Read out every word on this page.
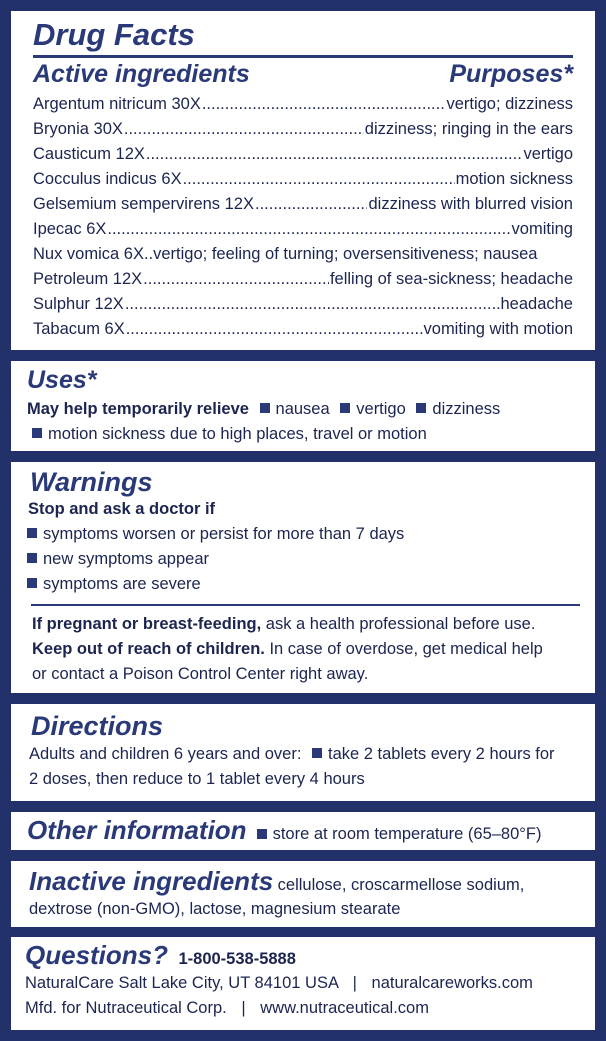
Drug Facts
Active ingredients	Purposes*
Argentum nitricum 30X .....	vertigo; dizziness
Bryonia 30X .....	dizziness; ringing in the ears
Causticum 12X .....	vertigo
Cocculus indicus 6X .....	motion sickness
Gelsemium sempervirens 12X .....	dizziness with blurred vision
Ipecac 6X .....	vomiting
Nux vomica 6X.. vertigo; feeling of turning; oversensitiveness; nausea
Petroleum 12X .....	felling of sea-sickness; headache
Sulphur 12X .....	headache
Tabacum 6X .....	vomiting with motion
Uses*
May help temporarily relieve nausea vertigo dizziness
motion sickness due to high places, travel or motion
Warnings
Stop and ask a doctor if
symptoms worsen or persist for more than 7 days
new symptoms appear
symptoms are severe
If pregnant or breast-feeding, ask a health professional before use.
Keep out of reach of children. In case of overdose, get medical help
or contact a Poison Control Center right away.
Directions
Adults and children 6 years and over: take 2 tablets every 2 hours for
2 doses, then reduce to 1 tablet every 4 hours
Other information store at room temperature (65–80°F)
Inactive ingredients cellulose, croscarmellose sodium,
dextrose (non-GMO), lactose, magnesium stearate
Questions? 1-800-538-5888
NaturalCare Salt Lake City, UT 84101 USA | naturalcareworks.com
Mfd. for Nutraceutical Corp. | www.nutraceutical.com
